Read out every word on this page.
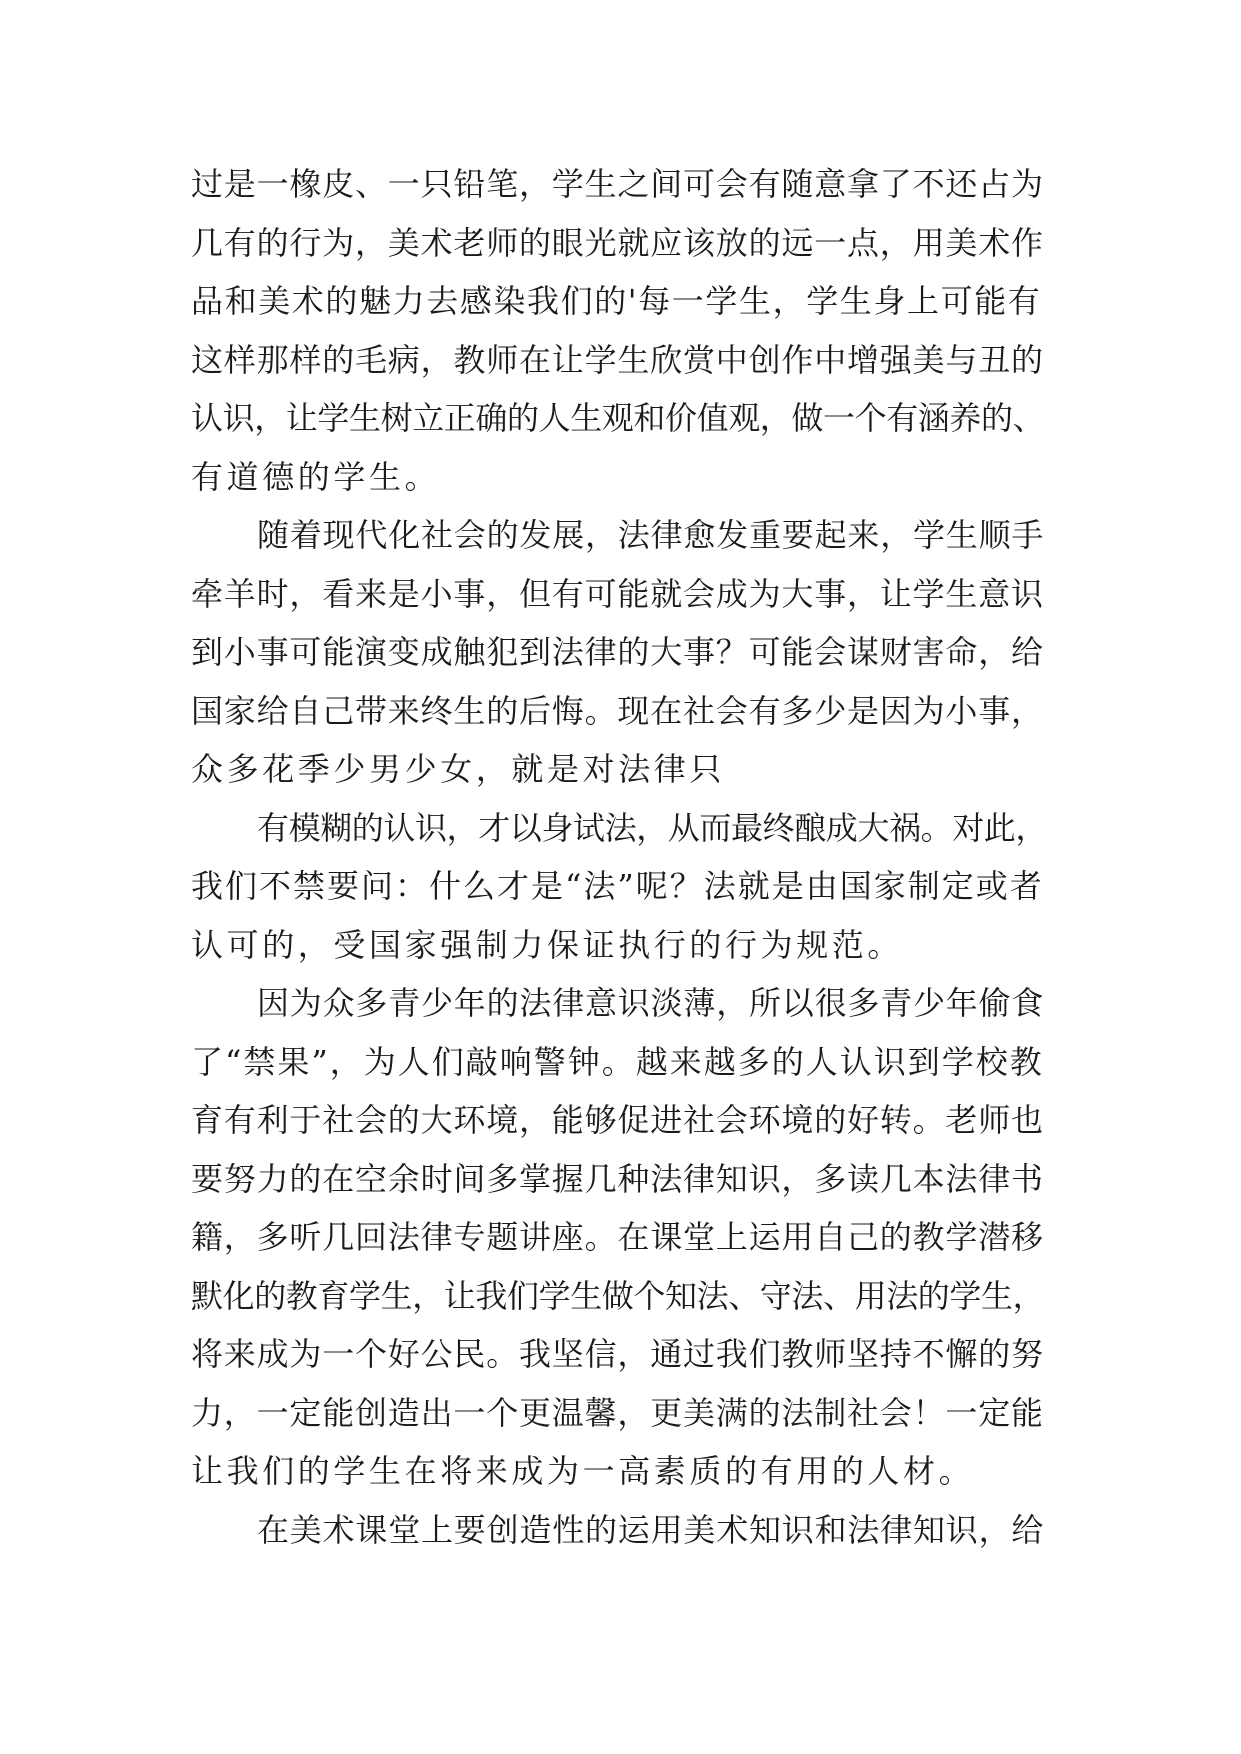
过是一橡皮、一只铅笔，学生之间可会有随意拿了不还占为
几有的行为，美术老师的眼光就应该放的远一点，用美术作
品和美术的魅力去感染我们的'每一学生，学生身上可能有
这样那样的毛病，教师在让学生欣赏中创作中增强美与丑的
认识，让学生树立正确的人生观和价值观，做一个有涵养的、
有道德的学生。
随着现代化社会的发展，法律愈发重要起来，学生顺手
牵羊时，看来是小事，但有可能就会成为大事，让学生意识
到小事可能演变成触犯到法律的大事？可能会谋财害命，给
国家给自己带来终生的后悔。现在社会有多少是因为小事，
众多花季少男少女，就是对法律只
有模糊的认识，才以身试法，从而最终酿成大祸。对此，
我们不禁要问：什么才是“法”呢？法就是由国家制定或者
认可的，受国家强制力保证执行的行为规范。
因为众多青少年的法律意识淡薄，所以很多青少年偷食
了“禁果”，为人们敲响警钟。越来越多的人认识到学校教
育有利于社会的大环境，能够促进社会环境的好转。老师也
要努力的在空余时间多掌握几种法律知识，多读几本法律书
籍，多听几回法律专题讲座。在课堂上运用自己的教学潜移
默化的教育学生，让我们学生做个知法、守法、用法的学生，
将来成为一个好公民。我坚信，通过我们教师坚持不懈的努
力，一定能创造出一个更温馨，更美满的法制社会！一定能
让我们的学生在将来成为一高素质的有用的人材。
在美术课堂上要创造性的运用美术知识和法律知识，给
